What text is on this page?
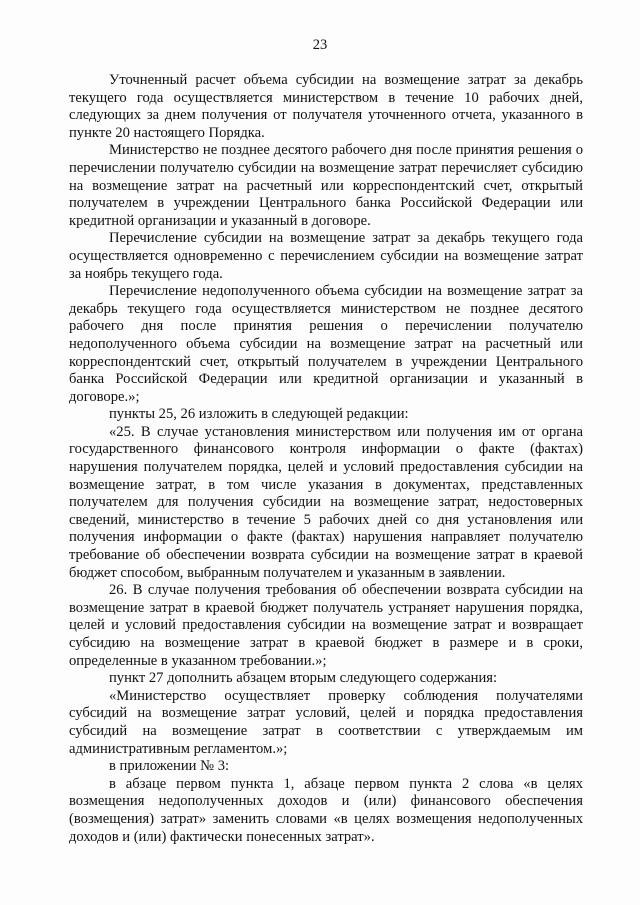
23

Уточненный расчет объема субсидии на возмещение затрат за декабрь текущего года осуществляется министерством в течение 10 рабочих дней, следующих за днем получения от получателя уточненного отчета, указанного в пункте 20 настоящего Порядка.

Министерство не позднее десятого рабочего дня после принятия решения о перечислении получателю субсидии на возмещение затрат перечисляет субсидию на возмещение затрат на расчетный или корреспондентский счет, открытый получателем в учреждении Центрального банка Российской Федерации или кредитной организации и указанный в договоре.

Перечисление субсидии на возмещение затрат за декабрь текущего года осуществляется одновременно с перечислением субсидии на возмещение затрат за ноябрь текущего года.

Перечисление недополученного объема субсидии на возмещение затрат за декабрь текущего года осуществляется министерством не позднее десятого рабочего дня после принятия решения о перечислении получателю недополученного объема субсидии на возмещение затрат на расчетный или корреспондентский счет, открытый получателем в учреждении Центрального банка Российской Федерации или кредитной организации и указанный в договоре.»;

пункты 25, 26 изложить в следующей редакции:

«25. В случае установления министерством или получения им от органа государственного финансового контроля информации о факте (фактах) нарушения получателем порядка, целей и условий предоставления субсидии на возмещение затрат, в том числе указания в документах, представленных получателем для получения субсидии на возмещение затрат, недостоверных сведений, министерство в течение 5 рабочих дней со дня установления или получения информации о факте (фактах) нарушения направляет получателю требование об обеспечении возврата субсидии на возмещение затрат в краевой бюджет способом, выбранным получателем и указанным в заявлении.

26. В случае получения требования об обеспечении возврата субсидии на возмещение затрат в краевой бюджет получатель устраняет нарушения порядка, целей и условий предоставления субсидии на возмещение затрат и возвращает субсидию на возмещение затрат в краевой бюджет в размере и в сроки, определенные в указанном требовании.»;

пункт 27 дополнить абзацем вторым следующего содержания:

«Министерство осуществляет проверку соблюдения получателями субсидий на возмещение затрат условий, целей и порядка предоставления субсидий на возмещение затрат в соответствии с утверждаемым им административным регламентом.»;

в приложении № 3:

в абзаце первом пункта 1, абзаце первом пункта 2 слова «в целях возмещения недополученных доходов и (или) финансового обеспечения (возмещения) затрат» заменить словами «в целях возмещения недополученных доходов и (или) фактически понесенных затрат».
